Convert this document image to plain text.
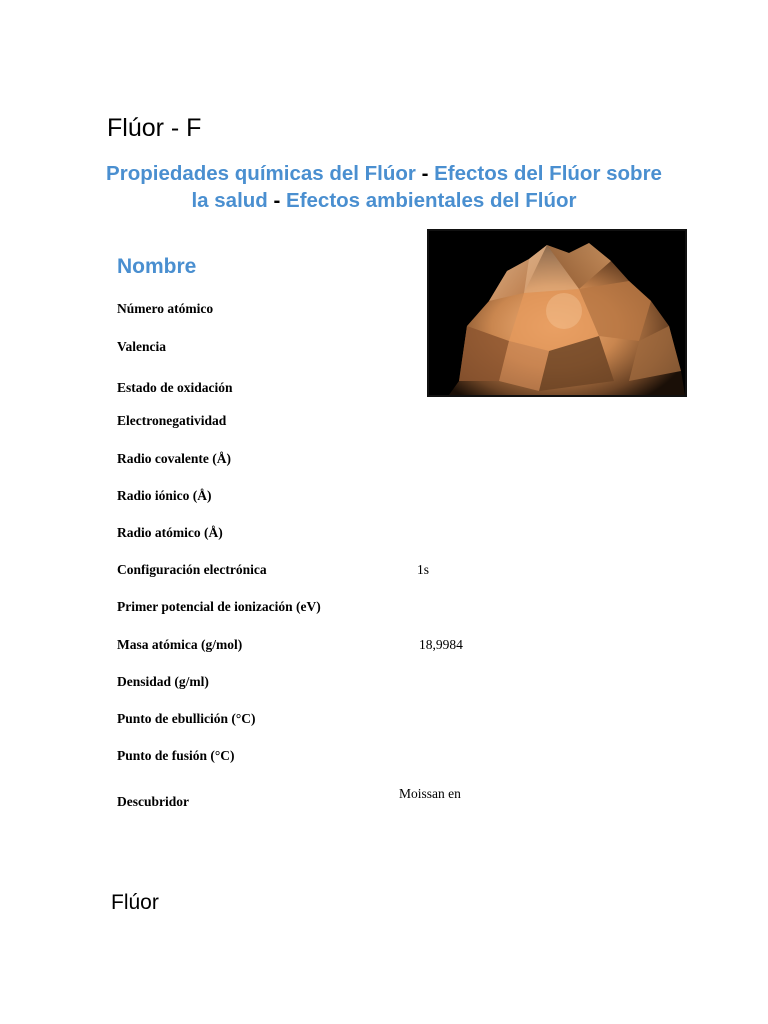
Flúor - F
Propiedades químicas del Flúor - Efectos del Flúor sobre la salud - Efectos ambientales del Flúor
Nombre
Número atómico
Valencia
Estado de oxidación
Electronegatividad
Radio covalente (Å)
Radio iónico (Å)
Radio atómico (Å)
Configuración electrónica	1s
Primer potencial de ionización (eV)
Masa atómica (g/mol)	18,9984
Densidad (g/ml)
Punto de ebullición (°C)
Punto de fusión (°C)
Descubridor
Moissan en
Flúor
